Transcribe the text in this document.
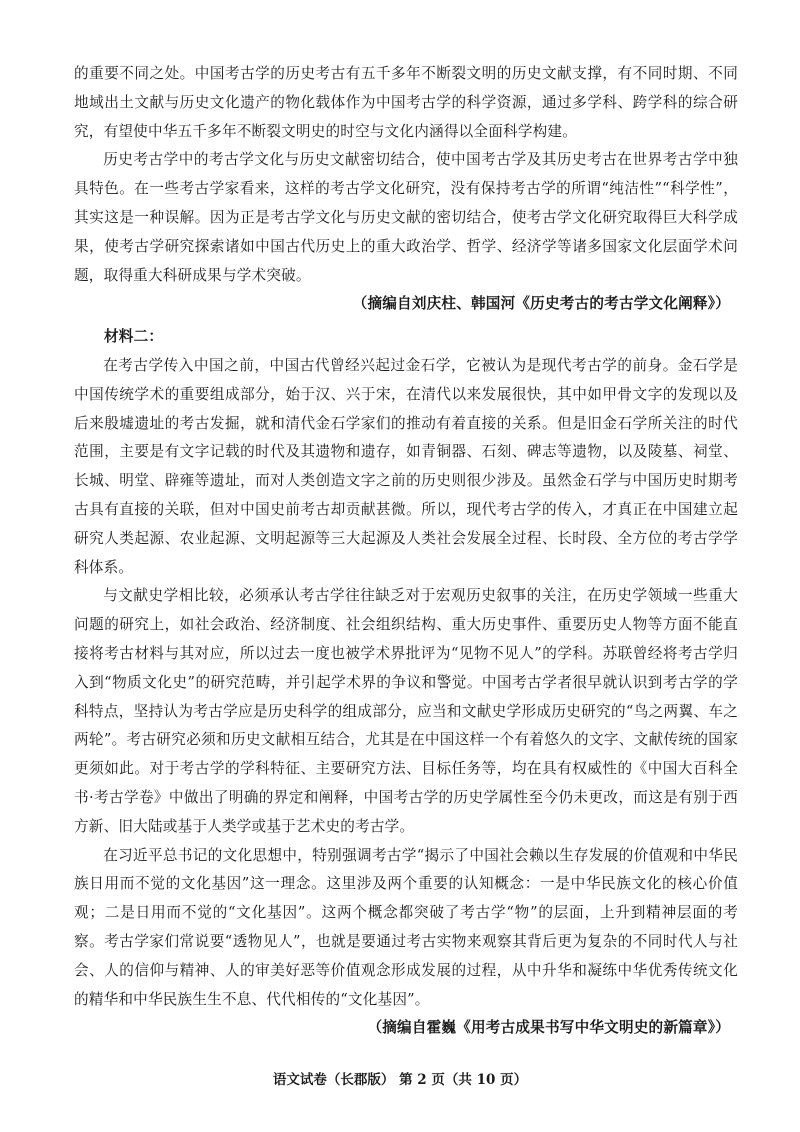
的重要不同之处。中国考古学的历史考古有五千多年不断裂文明的历史文献支撑，有不同时期、不同地域出土文献与历史文化遗产的物化载体作为中国考古学的科学资源，通过多学科、跨学科的综合研究，有望使中华五千多年不断裂文明史的时空与文化内涵得以全面科学构建。

历史考古学中的考古学文化与历史文献密切结合，使中国考古学及其历史考古在世界考古学中独具特色。在一些考古学家看来，这样的考古学文化研究，没有保持考古学的所谓“纯洁性”“科学性”，其实这是一种误解。因为正是考古学文化与历史文献的密切结合，使考古学文化研究取得巨大科学成果，使考古学研究探索诸如中国古代历史上的重大政治学、哲学、经济学等诸多国家文化层面学术问题，取得重大科研成果与学术突破。

（摘编自刘庆柱、韩国河《历史考古的考古学文化阐释》）

材料二：

在考古学传入中国之前，中国古代曾经兴起过金石学，它被认为是现代考古学的前身。金石学是中国传统学术的重要组成部分，始于汉、兴于宋，在清代以来发展很快，其中如甲骨文字的发现以及后来殷墟遗址的考古发掘，就和清代金石学家们的推动有着直接的关系。但是旧金石学所关注的时代范围，主要是有文字记载的时代及其遗物和遗存，如青铜器、石刻、碑志等遗物，以及陵墓、祠堂、长城、明堂、辟雍等遗址，而对人类创造文字之前的历史则很少涉及。虽然金石学与中国历史时期考古具有直接的关联，但对中国史前考古却贡献甚微。所以，现代考古学的传入，才真正在中国建立起研究人类起源、农业起源、文明起源等三大起源及人类社会发展全过程、长时段、全方位的考古学学科体系。

与文献史学相比较，必须承认考古学往往缺乏对于宏观历史叙事的关注，在历史学领域一些重大问题的研究上，如社会政治、经济制度、社会组织结构、重大历史事件、重要历史人物等方面不能直接将考古材料与其对应，所以过去一度也被学术界批评为“见物不见人”的学科。苏联曾经将考古学归入到“物质文化史”的研究范畴，并引起学术界的争议和警觉。中国考古学者很早就认识到考古学的学科特点，坚持认为考古学应是历史科学的组成部分，应当和文献史学形成历史研究的“鸟之两翼、车之两轮”。考古研究必须和历史文献相互结合，尤其是在中国这样一个有着悠久的文字、文献传统的国家更须如此。对于考古学的学科特征、主要研究方法、目标任务等，均在具有权威性的《中国大百科全书·考古学卷》中做出了明确的界定和阐释，中国考古学的历史学属性至今仍未更改，而这是有别于西方新、旧大陆或基于人类学或基于艺术史的考古学。

在习近平总书记的文化思想中，特别强调考古学“揭示了中国社会赖以生存发展的价值观和中华民族日用而不觉的文化基因”这一理念。这里涉及两个重要的认知概念：一是中华民族文化的核心价值观；二是日用而不觉的“文化基因”。这两个概念都突破了考古学“物”的层面，上升到精神层面的考察。考古学家们常说要“透物见人”，也就是要通过考古实物来观察其背后更为复杂的不同时代人与社会、人的信仰与精神、人的审美好恶等价值观念形成发展的过程，从中升华和凝练中华优秀传统文化的精华和中华民族生生不息、代代相传的“文化基因”。

（摘编自霍巍《用考古成果书写中华文明史的新篇章》）

语文试卷（长郡版） 第 2 页（共 10 页）
